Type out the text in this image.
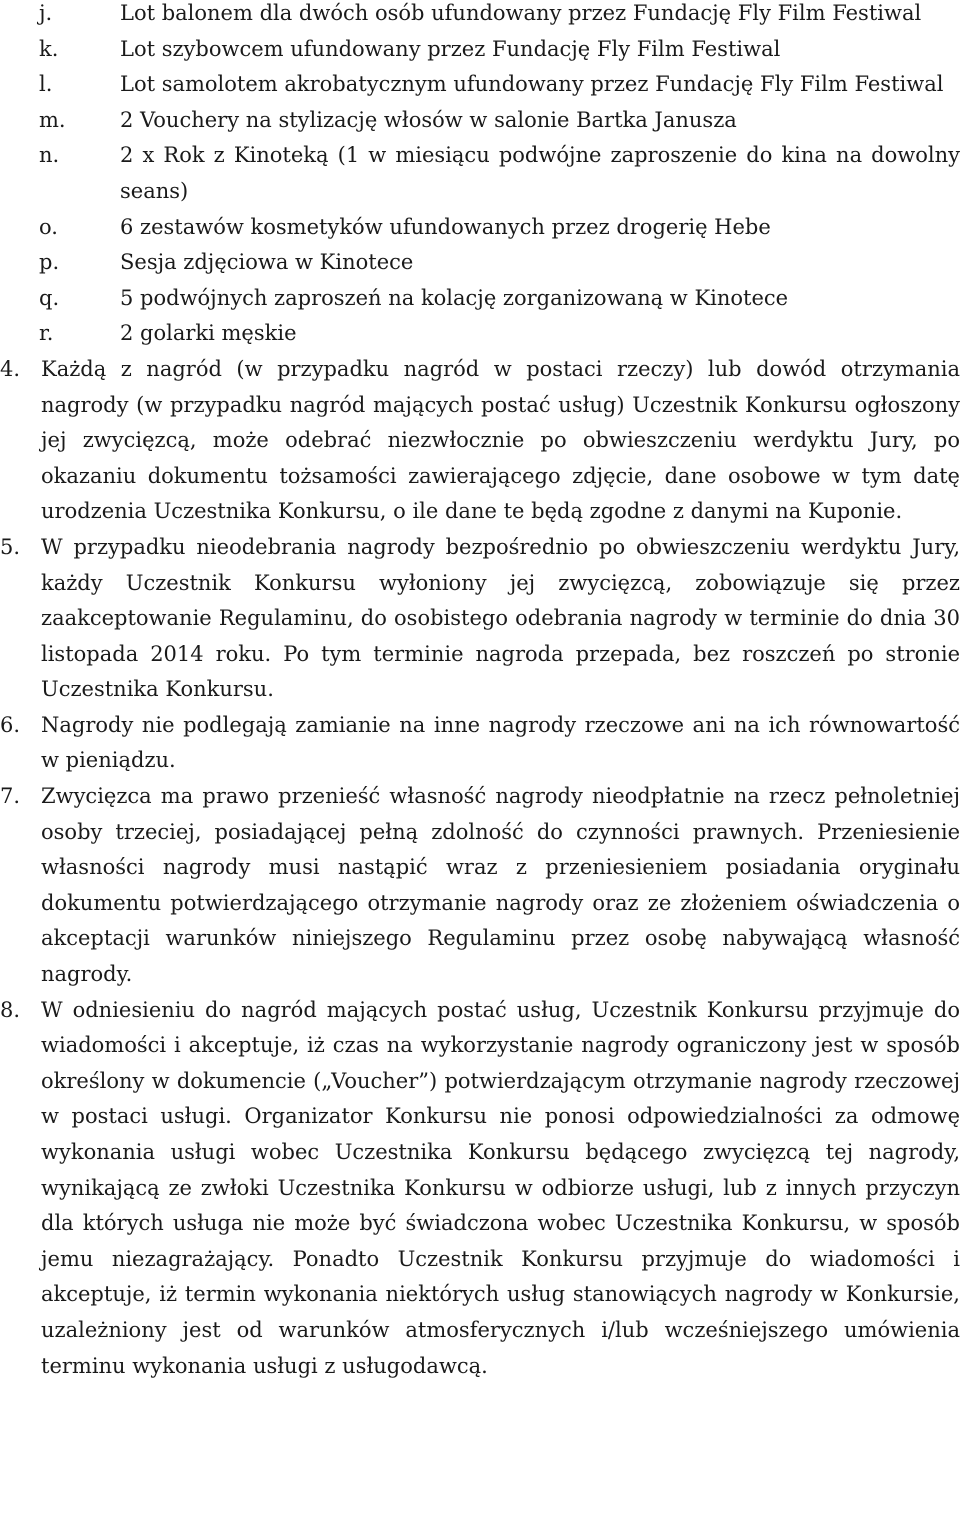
j.	Lot balonem dla dwóch osób ufundowany przez Fundację Fly Film Festiwal
k.	Lot szybowcem ufundowany przez Fundację Fly Film Festiwal
l.	Lot samolotem akrobatycznym ufundowany przez Fundację Fly Film Festiwal
m.	2 Vouchery na stylizację włosów w salonie Bartka Janusza
n.	2 x Rok z Kinoteką (1 w miesiącu podwójne zaproszenie do kina na dowolny seans)
o.	6 zestawów kosmetyków ufundowanych przez drogerię Hebe
p.	Sesja zdjęciowa w Kinotece
q.	5 podwójnych zaproszeń na kolację zorganizowaną w Kinotece
r.	2 golarki męskie
4. Każdą z nagród (w przypadku nagród w postaci rzeczy) lub dowód otrzymania nagrody (w przypadku nagród mających postać usług) Uczestnik Konkursu ogłoszony jej zwycięzcą, może odebrać niezwłocznie po obwieszczeniu werdyktu Jury, po okazaniu dokumentu tożsamości zawierającego zdjęcie, dane osobowe w tym datę urodzenia Uczestnika Konkursu, o ile dane te będą zgodne z danymi na Kuponie.
5. W przypadku nieodebrania nagrody bezpośrednio po obwieszczeniu werdyktu Jury, każdy Uczestnik Konkursu wyłoniony jej zwycięzcą, zobowiązuje się przez zaakceptowanie Regulaminu, do osobistego odebrania nagrody w terminie do dnia 30 listopada 2014 roku. Po tym terminie nagroda przepada, bez roszczeń po stronie Uczestnika Konkursu.
6. Nagrody nie podlegają zamianie na inne nagrody rzeczowe ani na ich równowartość w pieniądzu.
7. Zwycięzca ma prawo przenieść własność nagrody nieodpłatnie na rzecz pełnoletniej osoby trzeciej, posiadającej pełną zdolność do czynności prawnych. Przeniesienie własności nagrody musi nastąpić wraz z przeniesieniem posiadania oryginału dokumentu potwierdzającego otrzymanie nagrody oraz ze złożeniem oświadczenia o akceptacji warunków niniejszego Regulaminu przez osobę nabywającą własność nagrody.
8. W odniesieniu do nagród mających postać usług, Uczestnik Konkursu przyjmuje do wiadomości i akceptuje, iż czas na wykorzystanie nagrody ograniczony jest w sposób określony w dokumencie („Voucher”) potwierdzającym otrzymanie nagrody rzeczowej w postaci usługi. Organizator Konkursu nie ponosi odpowiedzialności za odmowę wykonania usługi wobec Uczestnika Konkursu będącego zwycięzcą tej nagrody, wynikającą ze zwłoki Uczestnika Konkursu w odbiorze usługi, lub z innych przyczyn dla których usługa nie może być świadczona wobec Uczestnika Konkursu, w sposób jemu niezagrażający. Ponadto Uczestnik Konkursu przyjmuje do wiadomości i akceptuje, iż termin wykonania niektórych usług stanowiących nagrody w Konkursie, uzależniony jest od warunków atmosferycznych i/lub wcześniejszego umówienia terminu wykonania usługi z usługodawcą.
